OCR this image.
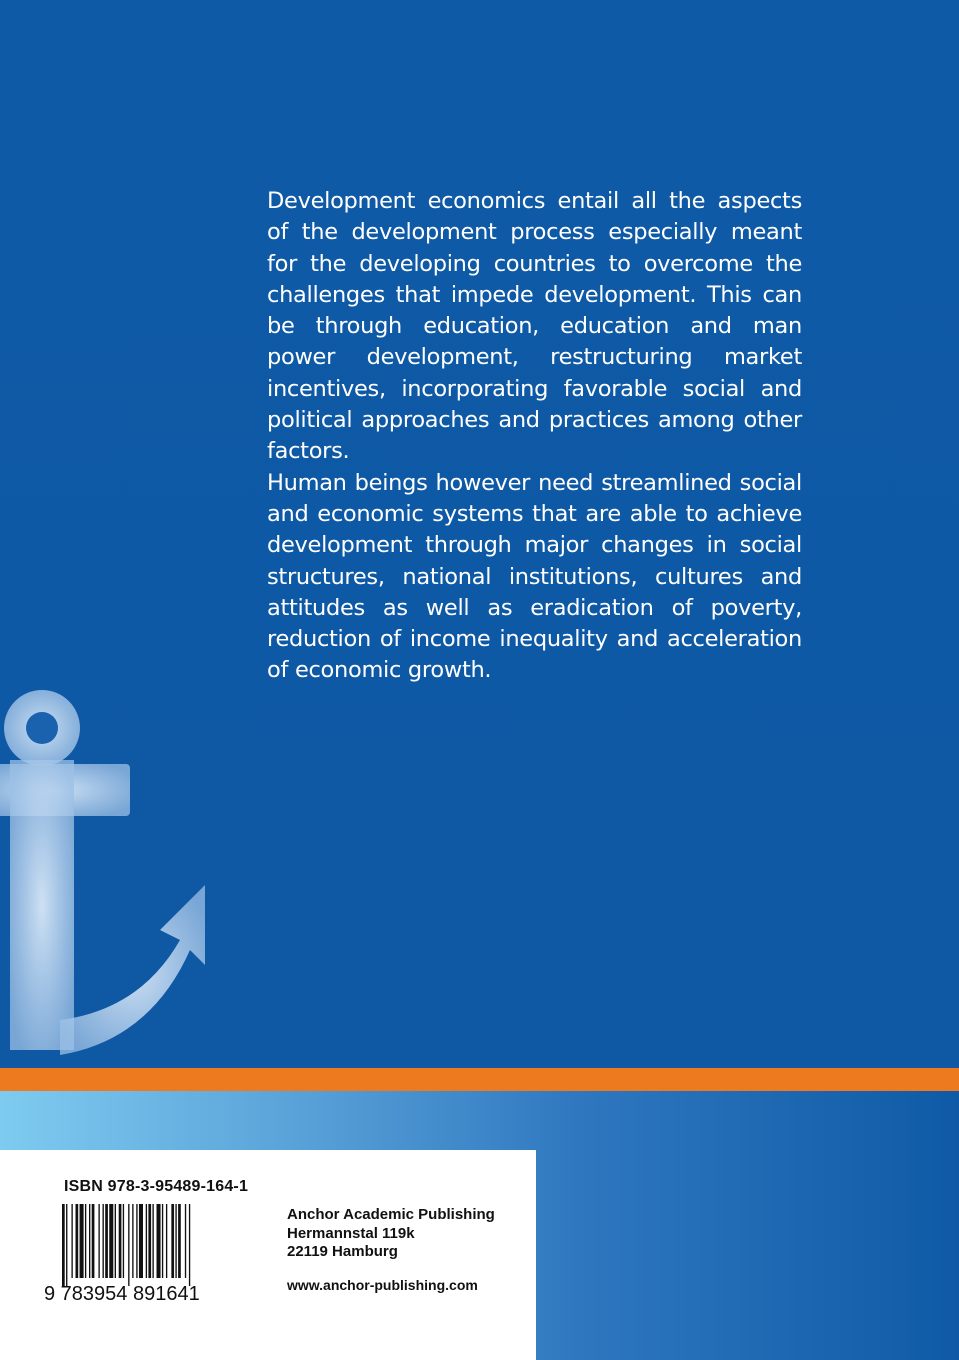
Development economics entail all the aspects of the development process especially meant for the developing countries to overcome the challenges that impede development. This can be through education, education and man power development, restructuring market incentives, incorporating favorable social and political approaches and practices among other factors.

Human beings however need streamlined social and economic systems that are able to achieve development through major changes in social structures, national institutions, cultures and attitudes as well as eradication of poverty, reduction of income inequality and acceleration of economic growth.

ISBN 978-3-95489-164-1
9 783954 891641
Anchor Academic Publishing
Hermannstal 119k
22119 Hamburg
www.anchor-publishing.com
